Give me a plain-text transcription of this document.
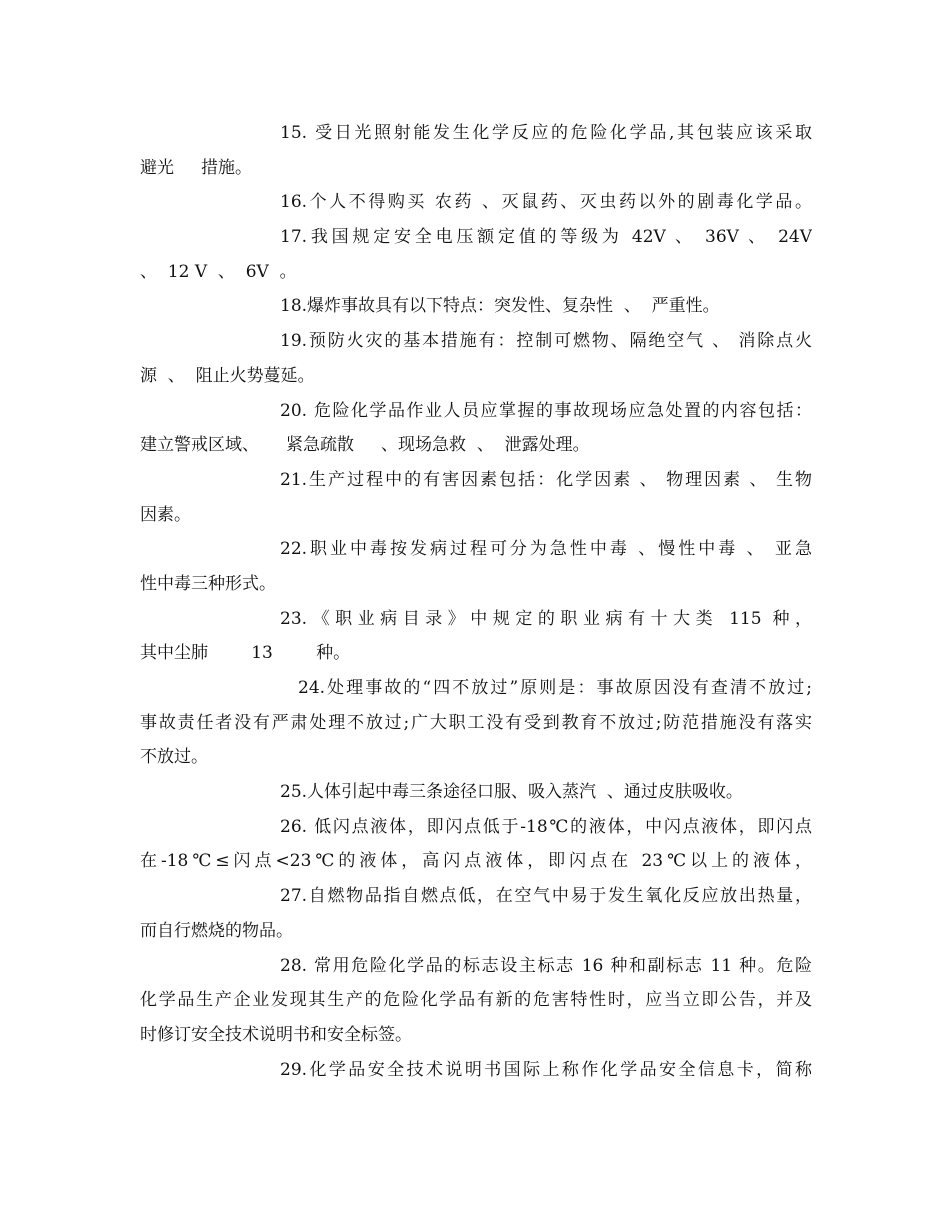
15. 受日光照射能发生化学反应的危险化学品,其包装应该采取
避光     措施。
16.个人不得购买 农药 、灭鼠药、灭虫药以外的剧毒化学品。
17.我国规定安全电压额定值的等级为 42V 、 36V 、 24V
、  12 V  、  6V  。
18.爆炸事故具有以下特点：突发性、复杂性  、  严重性。
19.预防火灾的基本措施有：控制可燃物、隔绝空气 、 消除点火
源  、  阻止火势蔓延。
20. 危险化学品作业人员应掌握的事故现场应急处置的内容包括：
建立警戒区域、     紧急疏散     、现场急救  、  泄露处理。
21.生产过程中的有害因素包括：化学因素 、 物理因素 、 生物
因素。
22.职业中毒按发病过程可分为急性中毒 、慢性中毒 、 亚急
性中毒三种形式。
23.《职业病目录》中规定的职业病有十大类 115 种，
其中尘肺        13        种。
24.处理事故的“四不放过”原则是：事故原因没有查清不放过;
事故责任者没有严肃处理不放过;广大职工没有受到教育不放过;防范措施没有落实
不放过。
25.人体引起中毒三条途径口服、吸入蒸汽  、通过皮肤吸收。
26. 低闪点液体，即闪点低于-18℃的液体，中闪点液体，即闪点
在-18℃≤闪点<23℃的液体，高闪点液体，即闪点在 23℃以上的液体，
27.自燃物品指自燃点低，在空气中易于发生氧化反应放出热量，
而自行燃烧的物品。
28. 常用危险化学品的标志设主标志 16 种和副标志 11 种。危险
化学品生产企业发现其生产的危险化学品有新的危害特性时，应当立即公告，并及
时修订安全技术说明书和安全标签。
29.化学品安全技术说明书国际上称作化学品安全信息卡，简称
